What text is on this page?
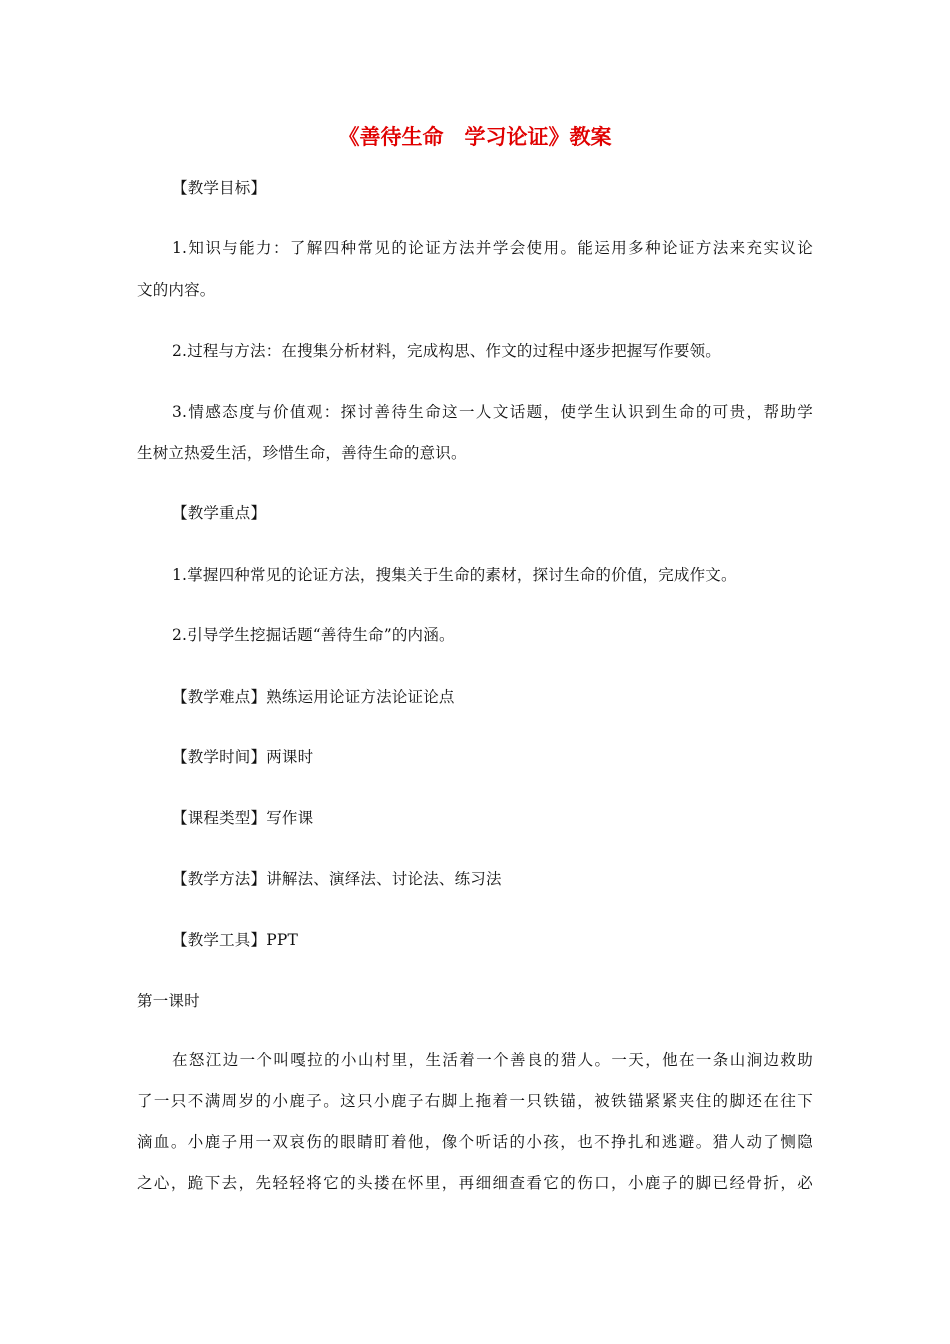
《善待生命　学习论证》教案
【教学目标】
1.知识与能力：了解四种常见的论证方法并学会使用。能运用多种论证方法来充实议论
文的内容。
2.过程与方法：在搜集分析材料，完成构思、作文的过程中逐步把握写作要领。
3.情感态度与价值观：探讨善待生命这一人文话题，使学生认识到生命的可贵，帮助学
生树立热爱生活，珍惜生命，善待生命的意识。
【教学重点】
1.掌握四种常见的论证方法，搜集关于生命的素材，探讨生命的价值，完成作文。
2.引导学生挖掘话题“善待生命”的内涵。
【教学难点】熟练运用论证方法论证论点
【教学时间】两课时
【课程类型】写作课
【教学方法】讲解法、演绎法、讨论法、练习法
【教学工具】PPT
第一课时
在怒江边一个叫嘎拉的小山村里，生活着一个善良的猎人。一天，他在一条山涧边救助
了一只不满周岁的小鹿子。这只小鹿子右脚上拖着一只铁锚，被铁锚紧紧夹住的脚还在往下
滴血。小鹿子用一双哀伤的眼睛盯着他，像个听话的小孩，也不挣扎和逃避。猎人动了恻隐
之心，跪下去，先轻轻将它的头搂在怀里，再细细查看它的伤口，小鹿子的脚已经骨折，必
